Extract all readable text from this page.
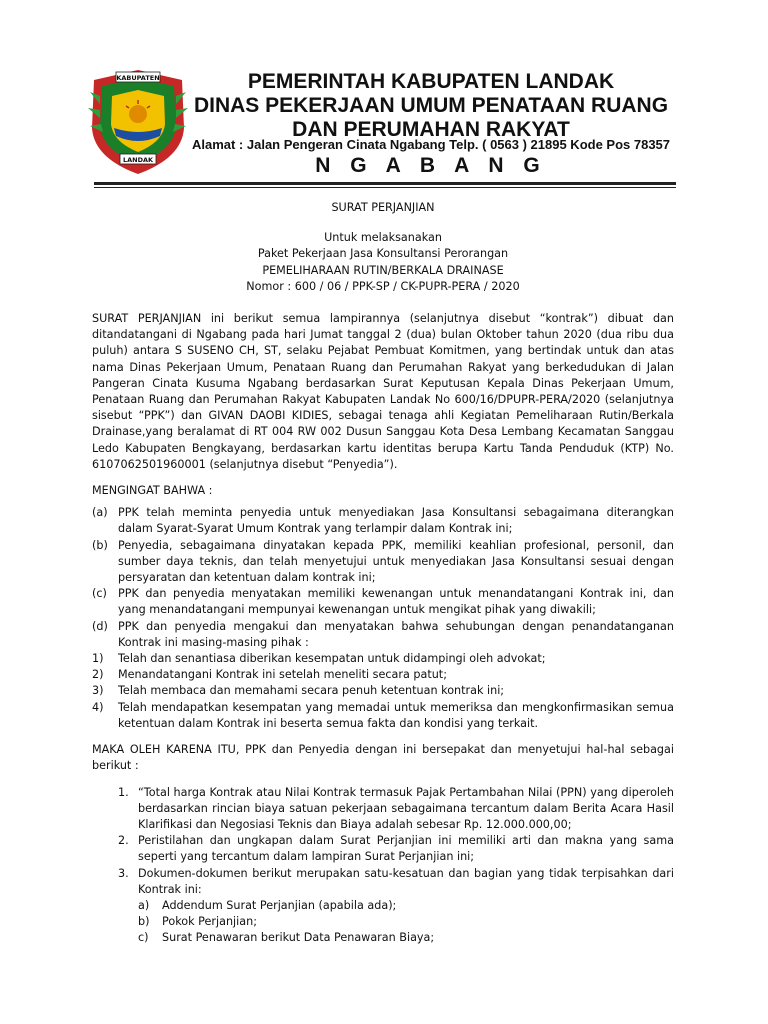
KABUPATEN
LANDAK
PEMERINTAH KABUPATEN LANDAK
DINAS PEKERJAAN UMUM PENATAAN RUANG
DAN PERUMAHAN RAKYAT
Alamat : Jalan Pengeran Cinata Ngabang Telp. ( 0563 ) 21895 Kode Pos 78357
N G A B A N G
SURAT PERJANJIAN

Untuk melaksanakan

Paket Pekerjaan Jasa Konsultansi Perorangan

PEMELIHARAAN RUTIN/BERKALA DRAINASE

Nomor : 600 / 06 / PPK-SP / CK-PUPR-PERA / 2020

SURAT PERJANJIAN ini berikut semua lampirannya (selanjutnya disebut “kontrak”) dibuat dan ditandatangani di Ngabang pada hari Jumat tanggal 2 (dua) bulan Oktober tahun 2020 (dua ribu dua puluh) antara S SUSENO CH, ST, selaku Pejabat Pembuat Komitmen, yang bertindak untuk dan atas nama Dinas Pekerjaan Umum, Penataan Ruang dan Perumahan Rakyat yang berkedudukan di Jalan Pangeran Cinata Kusuma Ngabang berdasarkan Surat Keputusan Kepala Dinas Pekerjaan Umum, Penataan Ruang dan Perumahan Rakyat Kabupaten Landak No 600/16/DPUPR-PERA/2020 (selanjutnya sisebut “PPK”) dan GIVAN DAOBI KIDIES, sebagai tenaga ahli Kegiatan Pemeliharaan Rutin/Berkala Drainase,yang beralamat di RT 004 RW 002 Dusun Sanggau Kota Desa Lembang Kecamatan Sanggau Ledo Kabupaten Bengkayang, berdasarkan kartu identitas berupa Kartu Tanda Penduduk (KTP) No. 6107062501960001 (selanjutnya disebut “Penyedia”).

MENGINGAT BAHWA :
(a) PPK telah meminta penyedia untuk menyediakan Jasa Konsultansi sebagaimana diterangkan dalam Syarat-Syarat Umum Kontrak yang terlampir dalam Kontrak ini;
(b) Penyedia, sebagaimana dinyatakan kepada PPK, memiliki keahlian profesional, personil, dan sumber daya teknis, dan telah menyetujui untuk menyediakan Jasa Konsultansi sesuai dengan persyaratan dan ketentuan dalam kontrak ini;
(c) PPK dan penyedia menyatakan memiliki kewenangan untuk menandatangani Kontrak ini, dan yang menandatangani mempunyai kewenangan untuk mengikat pihak yang diwakili;
(d) PPK dan penyedia mengakui dan menyatakan bahwa sehubungan dengan penandatanganan Kontrak ini masing-masing pihak :
1)	Telah dan senantiasa diberikan kesempatan untuk didampingi oleh advokat;
2)	Menandatangani Kontrak ini setelah meneliti secara patut;
3)	Telah membaca dan memahami secara penuh ketentuan kontrak ini;
4)	Telah mendapatkan kesempatan yang memadai untuk memeriksa dan mengkonfirmasikan semua ketentuan dalam Kontrak ini beserta semua fakta dan kondisi yang terkait.

MAKA OLEH KARENA ITU, PPK dan Penyedia dengan ini bersepakat dan menyetujui hal-hal sebagai berikut :

1. “Total harga Kontrak atau Nilai Kontrak termasuk Pajak Pertambahan Nilai (PPN) yang diperoleh berdasarkan rincian biaya satuan pekerjaan sebagaimana tercantum dalam Berita Acara Hasil Klarifikasi dan Negosiasi Teknis dan Biaya adalah sebesar Rp. 12.000.000,00;
2. Peristilahan dan ungkapan dalam Surat Perjanjian ini memiliki arti dan makna yang sama seperti yang tercantum dalam lampiran Surat Perjanjian ini;
3. Dokumen-dokumen berikut merupakan satu-kesatuan dan bagian yang tidak terpisahkan dari Kontrak ini:
a)	Addendum Surat Perjanjian (apabila ada);
b)	Pokok Perjanjian;
c)	Surat Penawaran berikut Data Penawaran Biaya;
